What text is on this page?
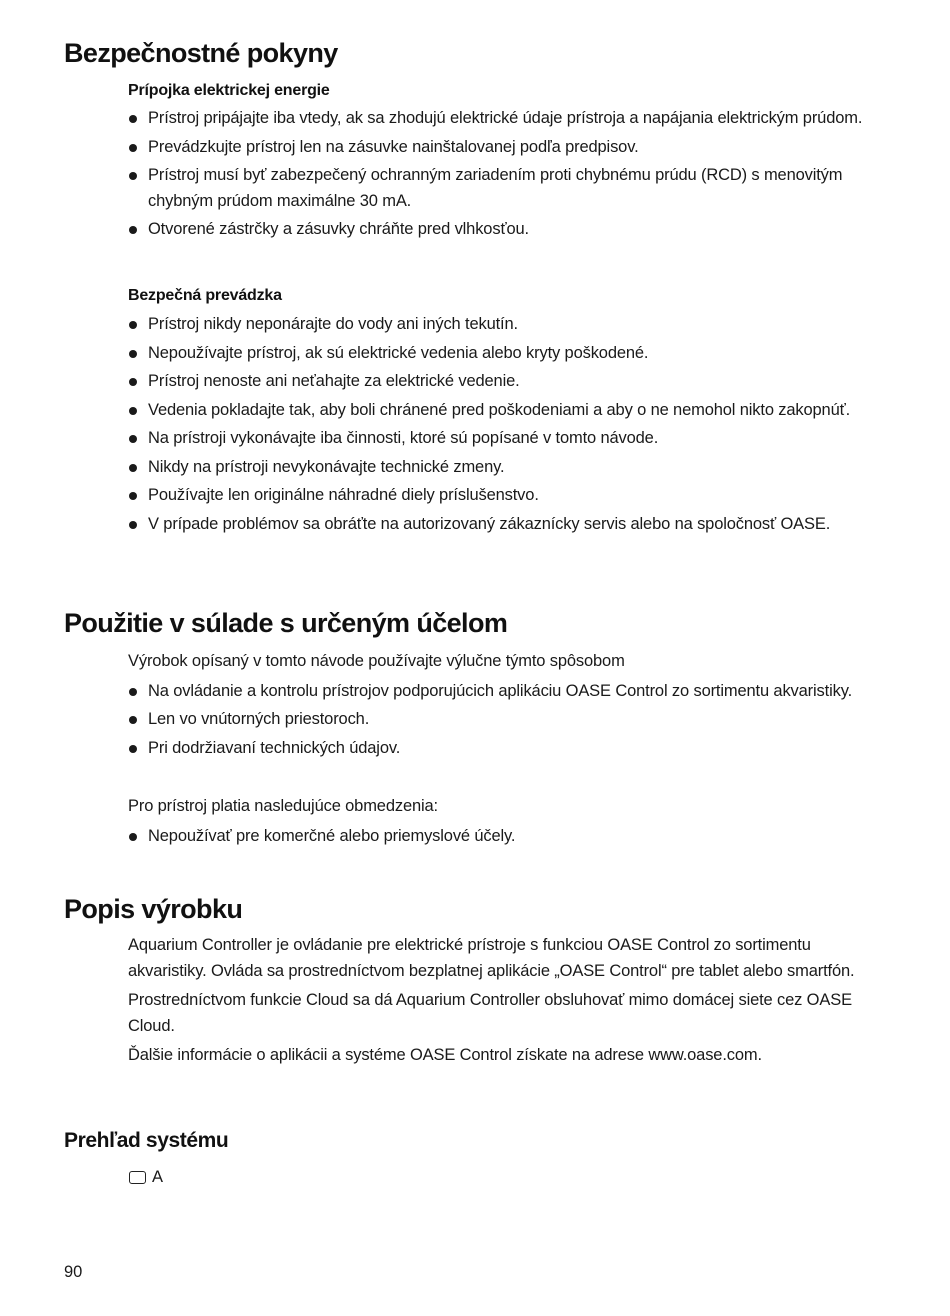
Bezpečnostné pokyny
Prípojka elektrickej energie
Prístroj pripájajte iba vtedy, ak sa zhodujú elektrické údaje prístroja a napájania elektrickým prúdom.
Prevádzkujte prístroj len na zásuvke nainštalovanej podľa predpisov.
Prístroj musí byť zabezpečený ochranným zariadením proti chybnému prúdu (RCD) s menovitým chybným prúdom maximálne 30 mA.
Otvorené zástrčky a zásuvky chráňte pred vlhkosťou.
Bezpečná prevádzka
Prístroj nikdy neponárajte do vody ani iných tekutín.
Nepoužívajte prístroj, ak sú elektrické vedenia alebo kryty poškodené.
Prístroj nenoste ani neťahajte za elektrické vedenie.
Vedenia pokladajte tak, aby boli chránené pred poškodeniami a aby o ne nemohol nikto zakopnúť.
Na prístroji vykonávajte iba činnosti, ktoré sú popísané v tomto návode.
Nikdy na prístroji nevykonávajte technické zmeny.
Používajte len originálne náhradné diely príslušenstvo.
V prípade problémov sa obráťte na autorizovaný zákaznícky servis alebo na spoločnosť OASE.
Použitie v súlade s určeným účelom

Výrobok opísaný v tomto návode používajte výlučne týmto spôsobom

Na ovládanie a kontrolu prístrojov podporujúcich aplikáciu OASE Control zo sortimentu akvaristiky.
Len vo vnútorných priestoroch.
Pri dodržiavaní technických údajov.

Pro prístroj platia nasledujúce obmedzenia:

Nepoužívať pre komerčné alebo priemyslové účely.
Popis výrobku

Aquarium Controller je ovládanie pre elektrické prístroje s funkciou OASE Control zo sortimentu akvaristiky. Ovláda sa prostredníctvom bezplatnej aplikácie „OASE Control“ pre tablet alebo smartfón.

Prostredníctvom funkcie Cloud sa dá Aquarium Controller obsluhovať mimo domácej siete cez OASE Cloud.

Ďalšie informácie o aplikácii a systéme OASE Control získate na adrese www.oase.com.

Prehľad systému
A
90
